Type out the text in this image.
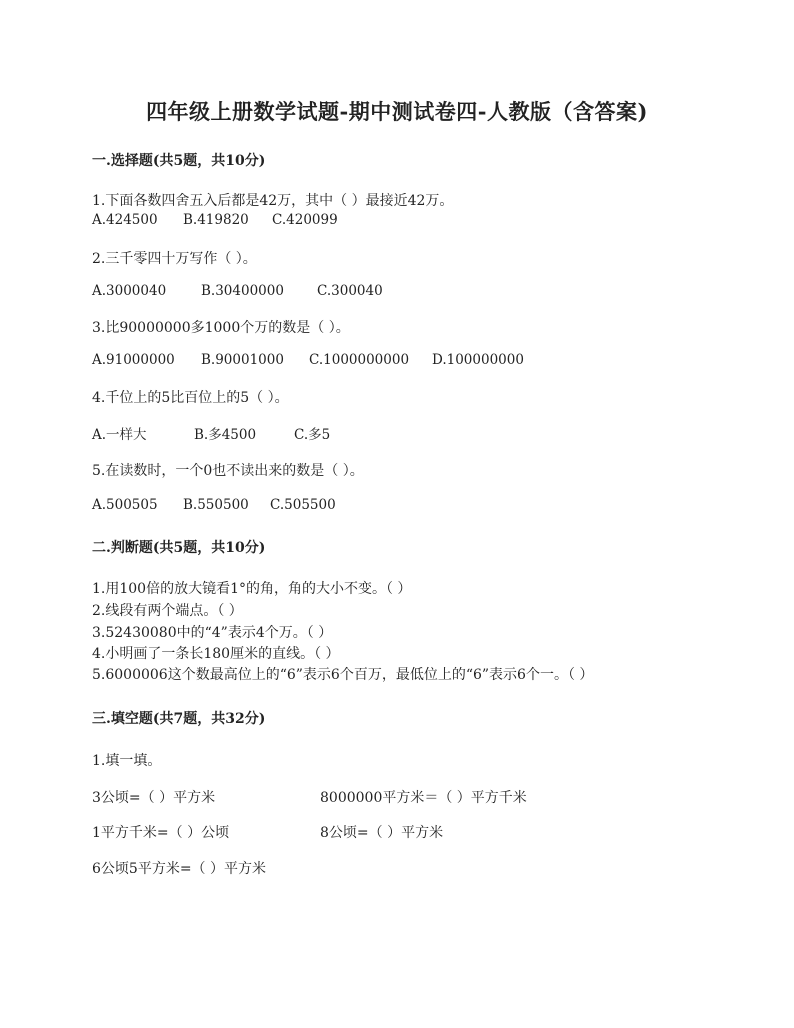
四年级上册数学试题-期中测试卷四-人教版（含答案)
一.选择题(共5题，共10分)
1.下面各数四舍五入后都是42万，其中（ ）最接近42万。
A.424500 B.419820 C.420099
2.三千零四十万写作（ ）。
A.3000040	B.30400000 C.300040
3.比90000000多1000个万的数是（ ）。
A.91000000 B.90001000 C.1000000000 D.100000000
4.千位上的5比百位上的5（ ）。
A.一样大	B.多4500	C.多5
5.在读数时，一个0也不读出来的数是（ ）。
A.500505 B.550500 C.505500
二.判断题(共5题，共10分)
1.用100倍的放大镜看1°的角，角的大小不变。（ ）
2.线段有两个端点。（ ）
3.52430080中的“4”表示4个万。（ ）
4.小明画了一条长180厘米的直线。（ ）
5.6000006这个数最高位上的“6”表示6个百万，最低位上的“6”表示6个一。（ ）
三.填空题(共7题，共32分)
1.填一填。
3公顷=（ ）平方米	8000000平方米＝（ ）平方千米
1平方千米=（ ）公顷	8公顷=（ ）平方米
6公顷5平方米=（ ）平方米
